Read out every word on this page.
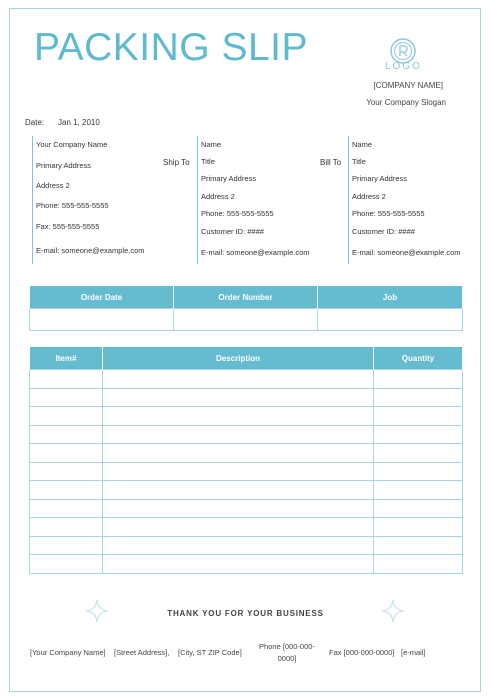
PACKING SLIP	LOGO
[COMPANY NAME]
Your Company Slogan
Date: Jan 1, 2010
Your Company Name
Primary Address
Address 2
Phone: 555-555-5555
Fax: 555-555-5555
E-mail: someone@example.com
Ship To
Name
Title
Primary Address
Address 2
Phone: 555-555-5555
Customer ID: ####
E-mail: someone@example.com
Bill To
Name
Title
Primary Address
Address 2
Phone: 555-555-5555
Customer ID: ####
E-mail: someone@example.com
Order Date	Order Number	Job

Item#	Description	Quantity

THANK YOU FOR YOUR BUSINESS
[Your Company Name] [Street Address], [City, ST ZIP Code]
Phone [000-000-
0000]
Fax [000-000-0000] [e-mail]
